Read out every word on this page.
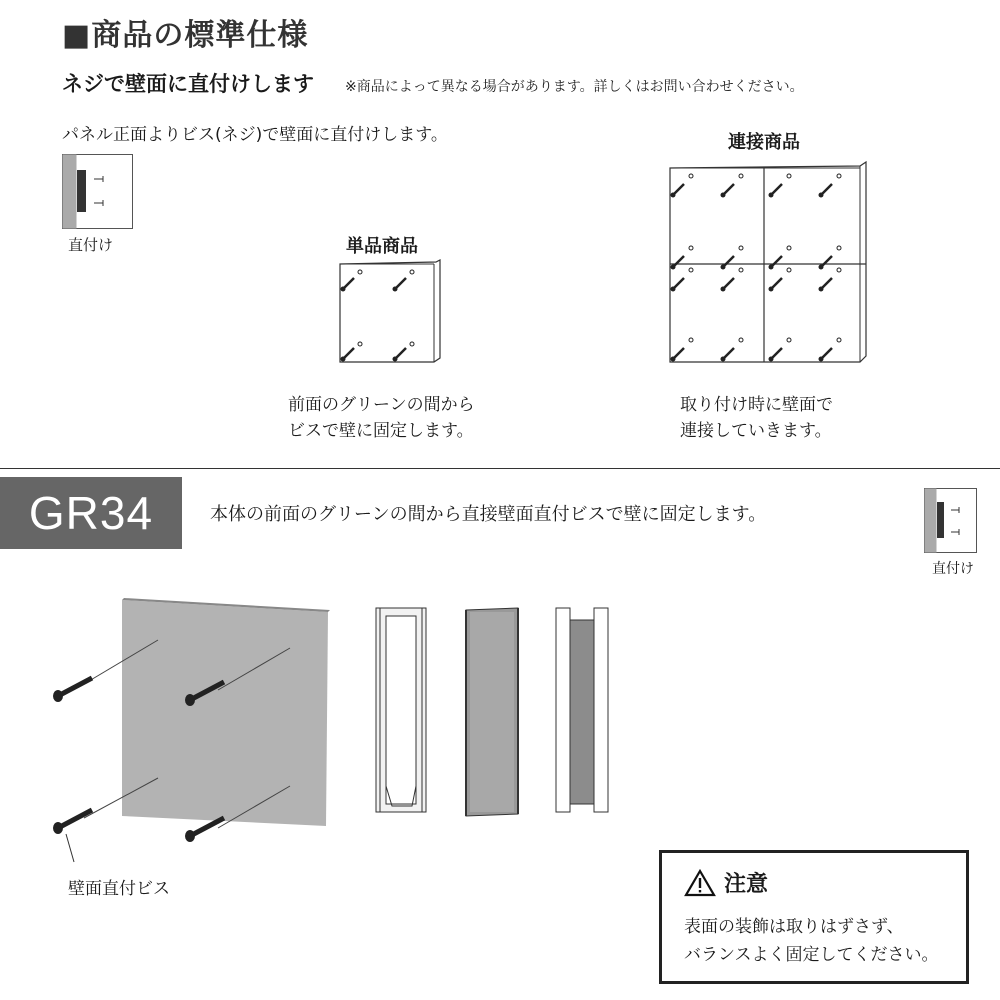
■商品の標準仕様
ネジで壁面に直付けします ※商品によって異なる場合があります。詳しくはお問い合わせください。
パネル正面よりビス(ネジ)で壁面に直付けします。
直付け	単品商品
前面のグリーンの間から
ビスで壁に固定します。
連接商品
取り付け時に壁面で
連接していきます。
GR34	本体の前面のグリーンの間から直接壁面直付ビスで壁に固定します。
直付け
壁面直付ビス	注意
表面の装飾は取りはずさず、
バランスよく固定してください。
